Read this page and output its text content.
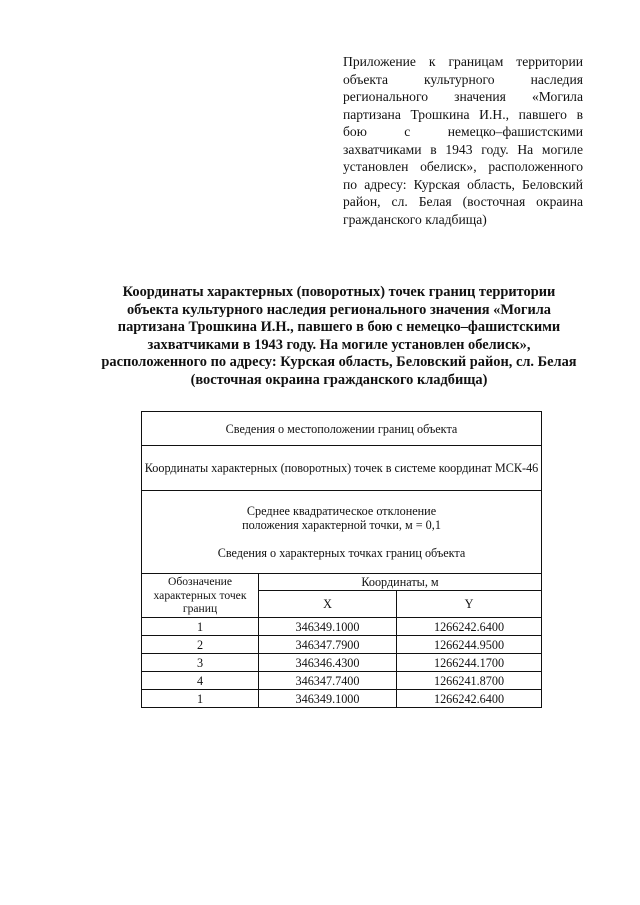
Приложение к границам территории объекта культурного наследия регионального значения «Могила партизана Трошкина И.Н., павшего в бою с немецко–фашистскими захватчиками в 1943 году. На могиле установлен обелиск», расположенного по адресу: Курская область, Беловский район, сл. Белая (восточная окраина гражданского кладбища)
Координаты характерных (поворотных) точек границ территории объекта культурного наследия регионального значения «Могила партизана Трошкина И.Н., павшего в бою с немецко–фашистскими захватчиками в 1943 году. На могиле установлен обелиск», расположенного по адресу: Курская область, Беловский район, сл. Белая (восточная окраина гражданского кладбища)
Сведения о местоположении границ объекта		
Координаты характерных (поворотных) точек в системе координат МСК-46		

Среднее квадратическое отклонение
положения характерной точки, м = 0,1
Сведения о характерных точках границ объекта		

Обозначение характерных точек границ	Координаты, м	
	X	Y
1	346349.1000	1266242.6400
2	346347.7900	1266244.9500
3	346346.4300	1266244.1700
4	346347.7400	1266241.8700
1	346349.1000	1266242.6400
